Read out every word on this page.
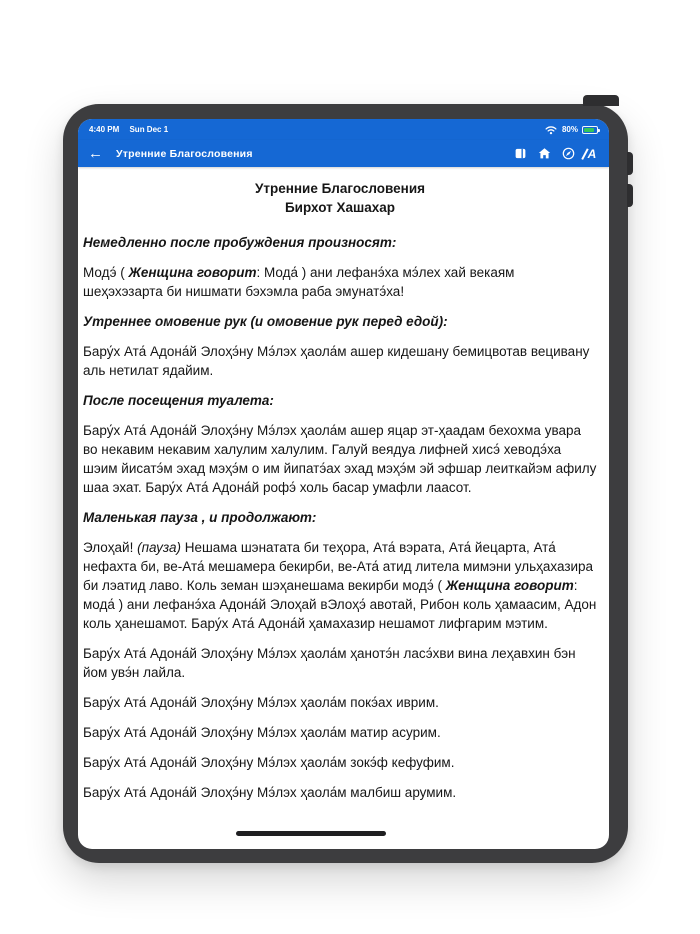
4:40 PM Sun Dec 1	80%
← Утренние Благословения	A
Утренние Благословения
Бирхот Хашахар
Немедленно после пробуждения произносят:
Модэ́ ( Женщина говорит: Мода́ ) ани лефанэ́ха мэ́лех хай векаям шеҳэхэзарта би нишмати бэхэмла раба эмунатэ́ха!
Утреннее омовение рук (и омовение рук перед едой):
Бару́х Ата́ Адона́й Элоҳэ́ну Мэ́лэх ҳаола́м ашер кидешану бемицвотав вецивану аль нетилат ядайим.
После посещения туалета:
Бару́х Ата́ Адона́й Элоҳэ́ну Мэ́лэх ҳаола́м ашер яцар эт-ҳаадам бехохма увара во некавим некавим халулим халулим. Галуй веядуа лифней хисэ́ хеводэ́ха шэим йисатэ́м эхад мэҳэ́м о им йипатэ́ах эхад мэҳэ́м эй эфшар леиткайэм афилу шаа эхат. Бару́х Ата́ Адона́й рофэ́ холь басар умафли лаасот.
Маленькая пауза , и продолжают:
Элоҳай! (пауза) Нешама шэнатата би теҳора, Ата́ вэрата, Ата́ йецарта, Ата́ нефахта би, ве-Ата́ мешамера бекирби, ве-Ата́ атид литела мимэни ульҳахазира би лэатид лаво. Коль земан шэҳанешама векирби модэ́ ( Женщина говорит: мода́ ) ани лефанэ́ха Адона́й Элоҳай вЭлоҳэ́ авотай, Рибон коль ҳамаасим, Адон коль ҳанешамот. Бару́х Ата́ Адона́й ҳамахазир нешамот лифгарим мэтим.
Бару́х Ата́ Адона́й Элоҳэ́ну Мэ́лэх ҳаола́м ҳанотэ́н ласэ́хви вина леҳавхин бэн йом увэ́н лайла.
Бару́х Ата́ Адона́й Элоҳэ́ну Мэ́лэх ҳаола́м покэ́ах иврим.
Бару́х Ата́ Адона́й Элоҳэ́ну Мэ́лэх ҳаола́м матир асурим.
Бару́х Ата́ Адона́й Элоҳэ́ну Мэ́лэх ҳаола́м зокэ́ф кефуфим.
Бару́х Ата́ Адона́й Элоҳэ́ну Мэ́лэх ҳаола́м малбиш арумим.
